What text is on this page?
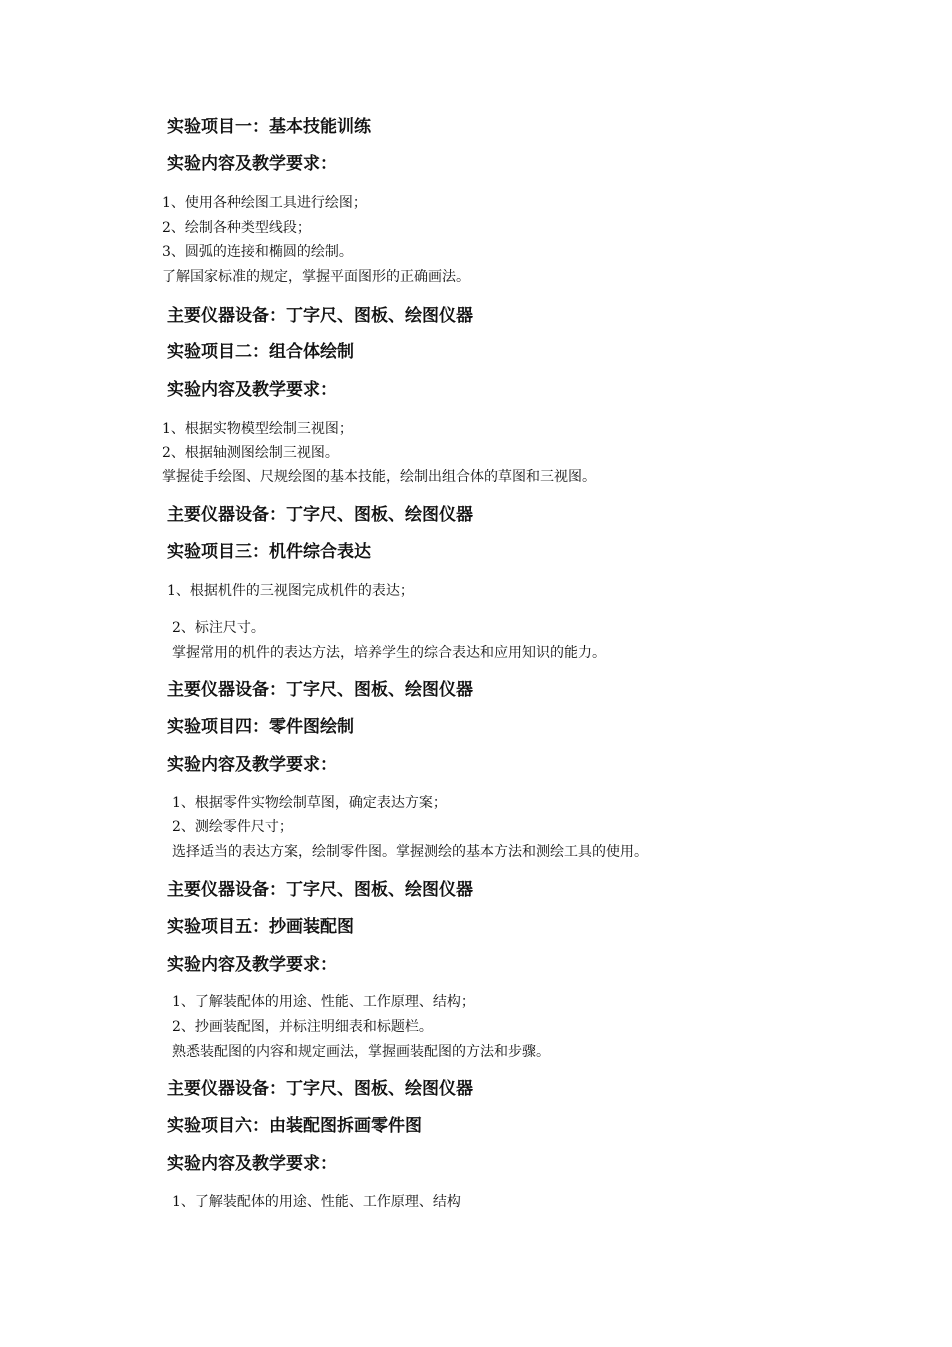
实验项目一：基本技能训练
实验内容及教学要求：
1、使用各种绘图工具进行绘图；
2、绘制各种类型线段；
3、圆弧的连接和椭圆的绘制。
了解国家标准的规定，掌握平面图形的正确画法。
主要仪器设备：丁字尺、图板、绘图仪器
实验项目二：组合体绘制
实验内容及教学要求：
1、根据实物模型绘制三视图；
2、根据轴测图绘制三视图。
掌握徒手绘图、尺规绘图的基本技能，绘制出组合体的草图和三视图。
主要仪器设备：丁字尺、图板、绘图仪器
实验项目三：机件综合表达
1、根据机件的三视图完成机件的表达；
2、标注尺寸。
掌握常用的机件的表达方法，培养学生的综合表达和应用知识的能力。
主要仪器设备：丁字尺、图板、绘图仪器
实验项目四：零件图绘制
实验内容及教学要求：
1、根据零件实物绘制草图，确定表达方案；
2、测绘零件尺寸；
选择适当的表达方案，绘制零件图。掌握测绘的基本方法和测绘工具的使用。
主要仪器设备：丁字尺、图板、绘图仪器
实验项目五：抄画装配图
实验内容及教学要求：
1、了解装配体的用途、性能、工作原理、结构；
2、抄画装配图，并标注明细表和标题栏。
熟悉装配图的内容和规定画法，掌握画装配图的方法和步骤。
主要仪器设备：丁字尺、图板、绘图仪器
实验项目六：由装配图拆画零件图
实验内容及教学要求：
1、了解装配体的用途、性能、工作原理、结构
